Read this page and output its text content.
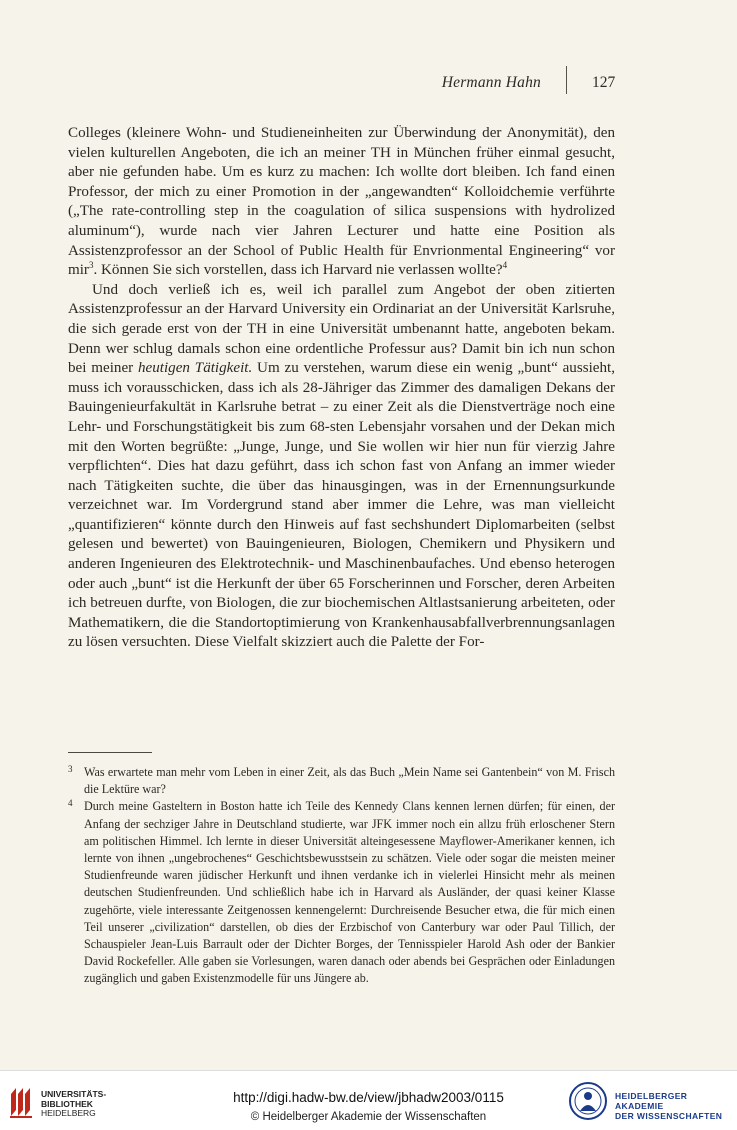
Hermann Hahn	127

Colleges (kleinere Wohn- und Studieneinheiten zur Überwindung der Anonymität), den vielen kulturellen Angeboten, die ich an meiner TH in München früher einmal gesucht, aber nie gefunden habe. Um es kurz zu machen: Ich wollte dort bleiben. Ich fand einen Professor, der mich zu einer Promotion in der „angewandten“ Kolloidchemie verführte („The rate-controlling step in the coagulation of silica suspensions with hydrolized aluminum“), wurde nach vier Jahren Lecturer und hatte eine Position als Assistenzprofessor an der School of Public Health für Envrionmental Engineering“ vor mir$^3$. Können Sie sich vorstellen, dass ich Harvard nie verlassen wollte?$^4$

Und doch verließ ich es, weil ich parallel zum Angebot der oben zitierten Assistenzprofessur an der Harvard University ein Ordinariat an der Universität Karlsruhe, die sich gerade erst von der TH in eine Universität umbenannt hatte, angeboten bekam. Denn wer schlug damals schon eine ordentliche Professur aus? Damit bin ich nun schon bei meiner heutigen Tätigkeit. Um zu verstehen, warum diese ein wenig „bunt“ aussieht, muss ich vorausschicken, dass ich als 28-Jähriger das Zimmer des damaligen Dekans der Bauingenieurfakultät in Karlsruhe betrat – zu einer Zeit als die Dienstverträge noch eine Lehr- und Forschungstätigkeit bis zum 68-sten Lebensjahr vorsahen und der Dekan mich mit den Worten begrüßte: „Junge, Junge, und Sie wollen wir hier nun für vierzig Jahre verpflichten“. Dies hat dazu geführt, dass ich schon fast von Anfang an immer wieder nach Tätigkeiten suchte, die über das hinausgingen, was in der Ernennungsurkunde verzeichnet war. Im Vordergrund stand aber immer die Lehre, was man vielleicht „quantifizieren“ könnte durch den Hinweis auf fast sechshundert Diplomarbeiten (selbst gelesen und bewertet) von Bauingenieuren, Biologen, Chemikern und Physikern und anderen Ingenieuren des Elektrotechnik- und Maschinenbaufaches. Und ebenso heterogen oder auch „bunt“ ist die Herkunft der über 65 Forscherinnen und Forscher, deren Arbeiten ich betreuen durfte, von Biologen, die zur biochemischen Altlastsanierung arbeiteten, oder Mathematikern, die die Standortoptimierung von Krankenhausabfallverbrennungsanlagen zu lösen versuchten. Diese Vielfalt skizziert auch die Palette der For-

3 Was erwartete man mehr vom Leben in einer Zeit, als das Buch „Mein Name sei Gantenbein“ von M. Frisch die Lektüre war?

4 Durch meine Gasteltern in Boston hatte ich Teile des Kennedy Clans kennen lernen dürfen; für einen, der Anfang der sechziger Jahre in Deutschland studierte, war JFK immer noch ein allzu früh erloschener Stern am politischen Himmel. Ich lernte in dieser Universität alteingesessene Mayflower-Amerikaner kennen, ich lernte von ihnen „ungebrochenes“ Geschichtsbewusstsein zu schätzen. Viele oder sogar die meisten meiner Studienfreunde waren jüdischer Herkunft und ihnen verdanke ich in vielerlei Hinsicht mehr als meinen deutschen Studienfreunden. Und schließlich habe ich in Harvard als Ausländer, der quasi keiner Klasse zugehörte, viele interessante Zeitgenossen kennengelernt: Durchreisende Besucher etwa, die für mich einen Teil unserer „civilization“ darstellen, ob dies der Erzbischof von Canterbury war oder Paul Tillich, der Schauspieler Jean-Luis Barrault oder der Dichter Borges, der Tennisspieler Harold Ash oder der Bankier David Rockefeller. Alle gaben sie Vorlesungen, waren danach oder abends bei Gesprächen oder Einladungen zugänglich und gaben Existenzmodelle für uns Jüngere ab.

UNIVERSITÄTS-
BIBLIOTHEK
HEIDELBERG
http://digi.hadw-bw.de/view/jbhadw2003/0115
© Heidelberger Akademie der Wissenschaften
HEIDELBERGER AKADEMIE
DER WISSENSCHAFTEN
